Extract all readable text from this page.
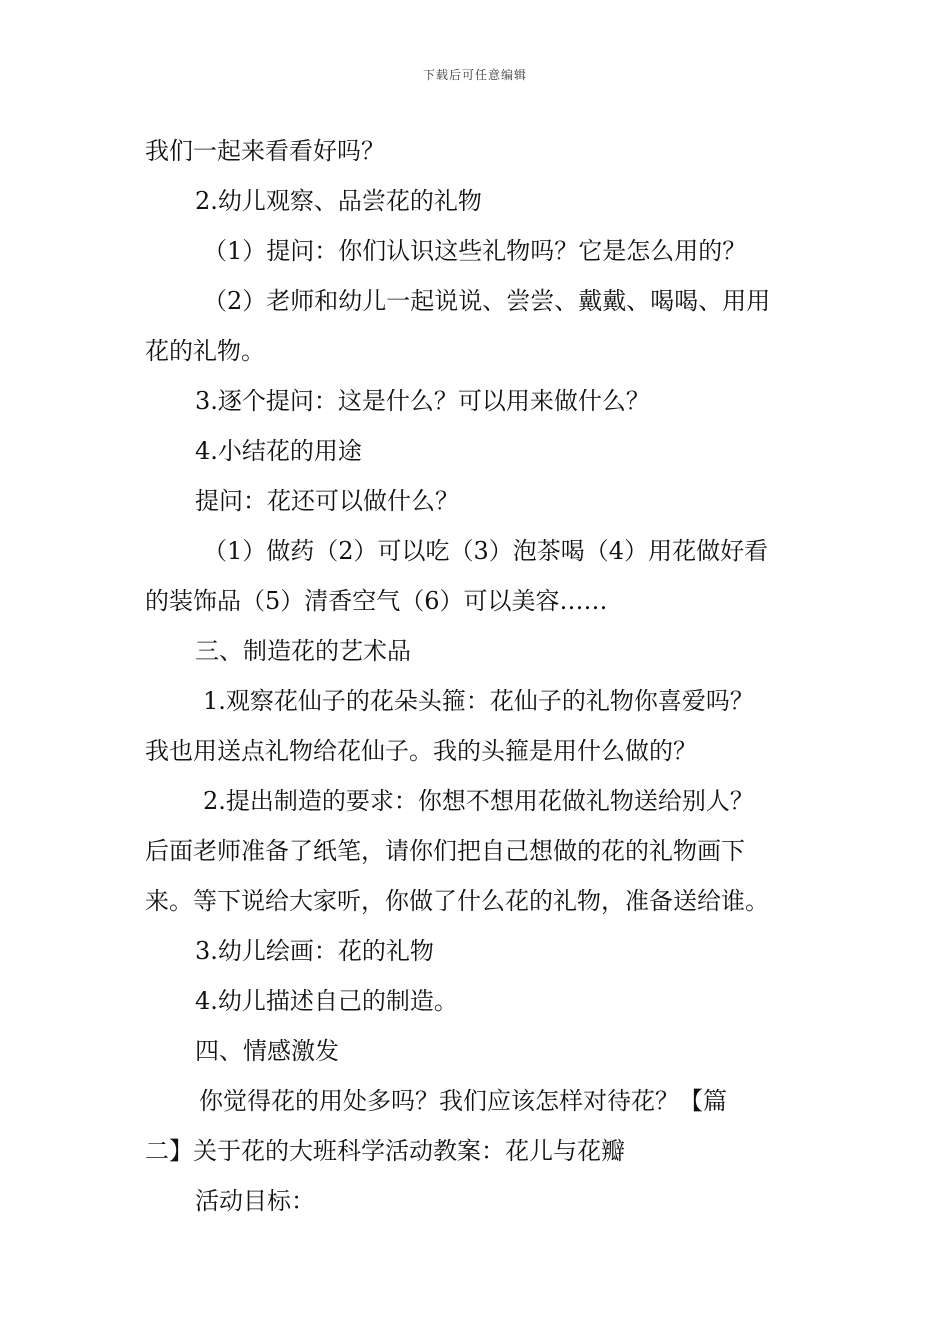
下载后可任意编辑
我们一起来看看好吗？
2.幼儿观察、品尝花的礼物
（1）提问：你们认识这些礼物吗？它是怎么用的？
（2）老师和幼儿一起说说、尝尝、戴戴、喝喝、用用
花的礼物。
3.逐个提问：这是什么？可以用来做什么？
4.小结花的用途
提问：花还可以做什么？
（1）做药（2）可以吃（3）泡茶喝（4）用花做好看
的装饰品（5）清香空气（6）可以美容……
三、制造花的艺术品
1.观察花仙子的花朵头箍：花仙子的礼物你喜爱吗？
我也用送点礼物给花仙子。我的头箍是用什么做的？
2.提出制造的要求：你想不想用花做礼物送给别人？
后面老师准备了纸笔，请你们把自己想做的花的礼物画下
来。等下说给大家听，你做了什么花的礼物，准备送给谁。
3.幼儿绘画：花的礼物
4.幼儿描述自己的制造。
四、情感激发
你觉得花的用处多吗？我们应该怎样对待花？【篇
二】关于花的大班科学活动教案：花儿与花瓣
活动目标：
